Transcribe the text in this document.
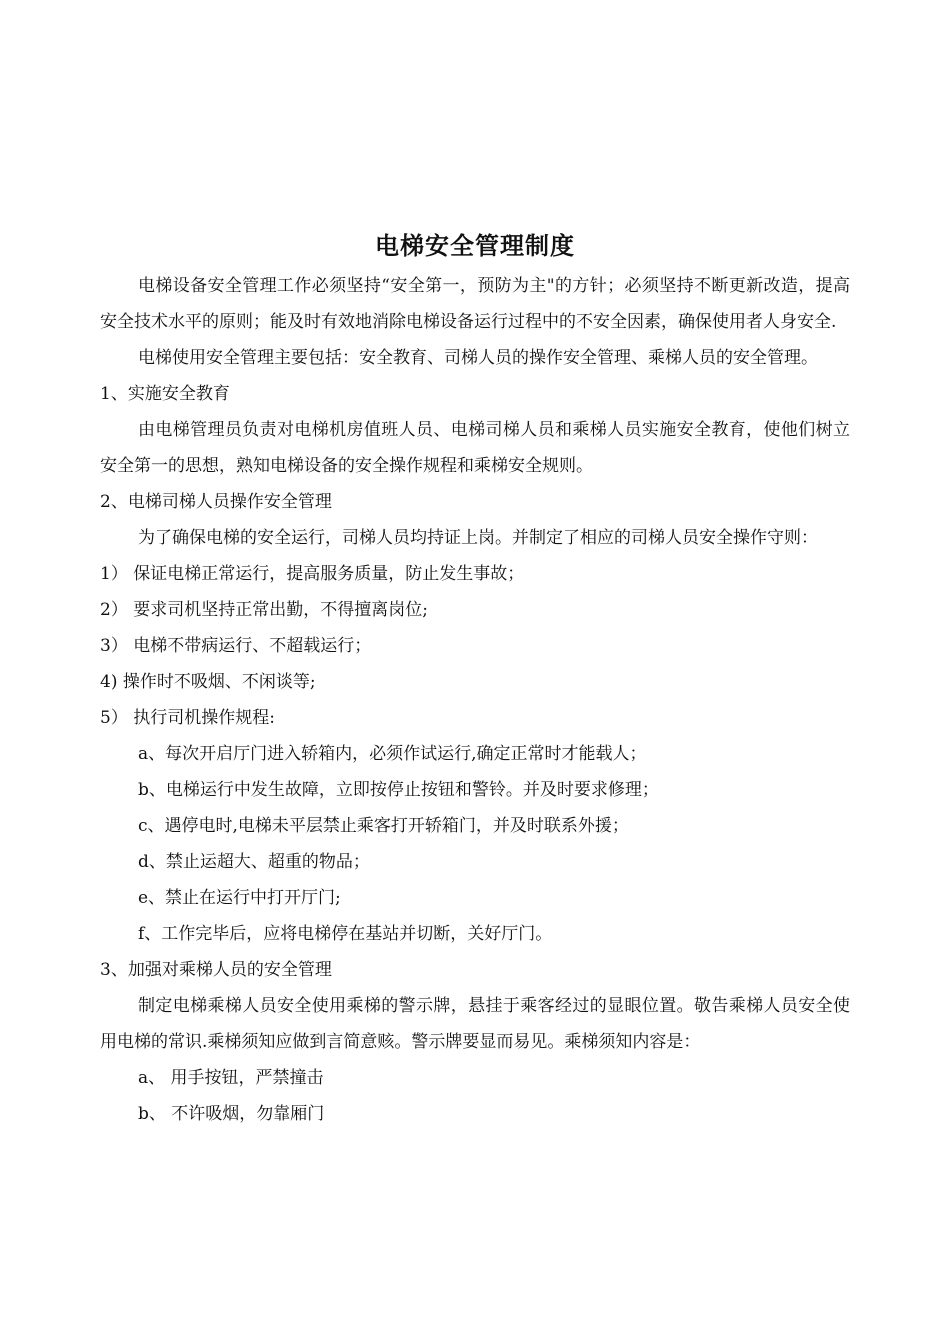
电梯安全管理制度

电梯设备安全管理工作必须坚持“安全第一，预防为主"的方针；必须坚持不断更新改造，提高安全技术水平的原则；能及时有效地消除电梯设备运行过程中的不安全因素，确保使用者人身安全.

电梯使用安全管理主要包括：安全教育、司梯人员的操作安全管理、乘梯人员的安全管理。

1、实施安全教育

由电梯管理员负责对电梯机房值班人员、电梯司梯人员和乘梯人员实施安全教育，使他们树立安全第一的思想，熟知电梯设备的安全操作规程和乘梯安全规则。

2、电梯司梯人员操作安全管理

为了确保电梯的安全运行，司梯人员均持证上岗。并制定了相应的司梯人员安全操作守则：

1） 保证电梯正常运行，提高服务质量，防止发生事故；

2） 要求司机坚持正常出勤，不得擅离岗位;

3） 电梯不带病运行、不超载运行；

4) 操作时不吸烟、不闲谈等;

5） 执行司机操作规程:

a、每次开启厅门进入轿箱内，必须作试运行,确定正常时才能载人；

b、电梯运行中发生故障，立即按停止按钮和警铃。并及时要求修理；

c、遇停电时,电梯未平层禁止乘客打开轿箱门，并及时联系外援；

d、禁止运超大、超重的物品；

e、禁止在运行中打开厅门;

f、工作完毕后，应将电梯停在基站并切断，关好厅门。

3、加强对乘梯人员的安全管理

制定电梯乘梯人员安全使用乘梯的警示牌，悬挂于乘客经过的显眼位置。敬告乘梯人员安全使用电梯的常识.乘梯须知应做到言简意赅。警示牌要显而易见。乘梯须知内容是：

a、 用手按钮，严禁撞击

b、 不许吸烟，勿靠厢门
